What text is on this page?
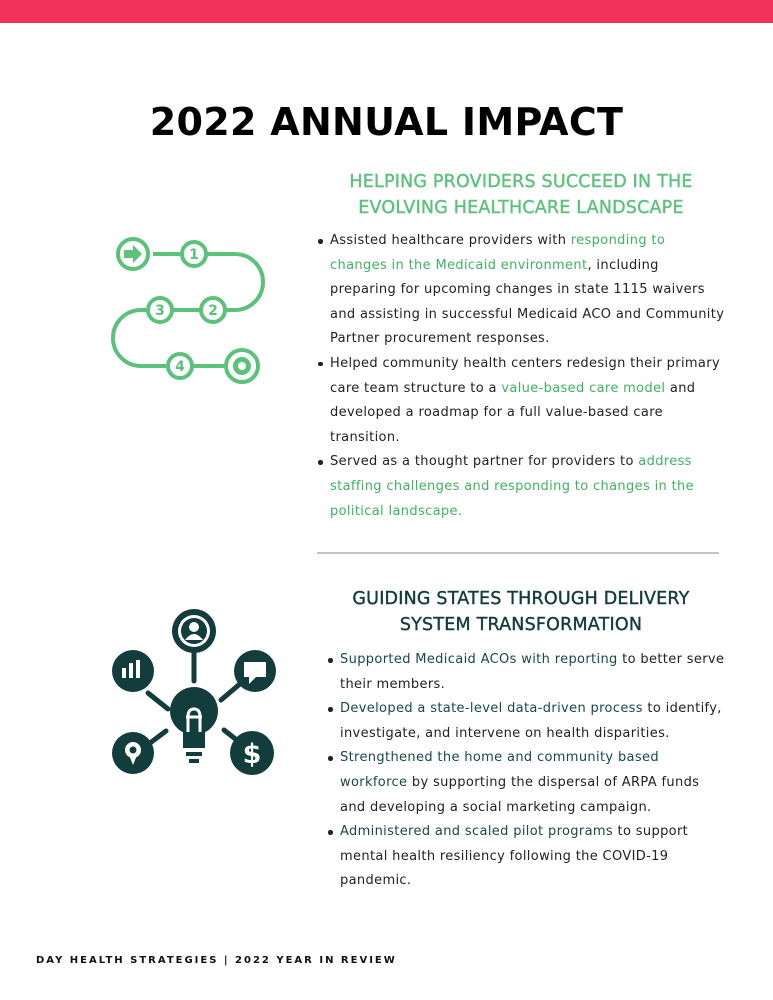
2022 ANNUAL IMPACT
1
2
3
4
HELPING PROVIDERS SUCCEED IN THE EVOLVING HEALTHCARE LANDSCAPE
Assisted healthcare providers with responding to changes in the Medicaid environment, including preparing for upcoming changes in state 1115 waivers and assisting in successful Medicaid ACO and Community Partner procurement responses.
Helped community health centers redesign their primary care team structure to a value-based care model and developed a roadmap for a full value-based care transition.
Served as a thought partner for providers to address staffing challenges and responding to changes in the political landscape.
$
GUIDING STATES THROUGH DELIVERY SYSTEM TRANSFORMATION
Supported Medicaid ACOs with reporting to better serve their members.
Developed a state-level data-driven process to identify, investigate, and intervene on health disparities.
Strengthened the home and community based workforce by supporting the dispersal of ARPA funds and developing a social marketing campaign.
Administered and scaled pilot programs to support mental health resiliency following the COVID-19 pandemic.
DAY HEALTH STRATEGIES | 2022 YEAR IN REVIEW
